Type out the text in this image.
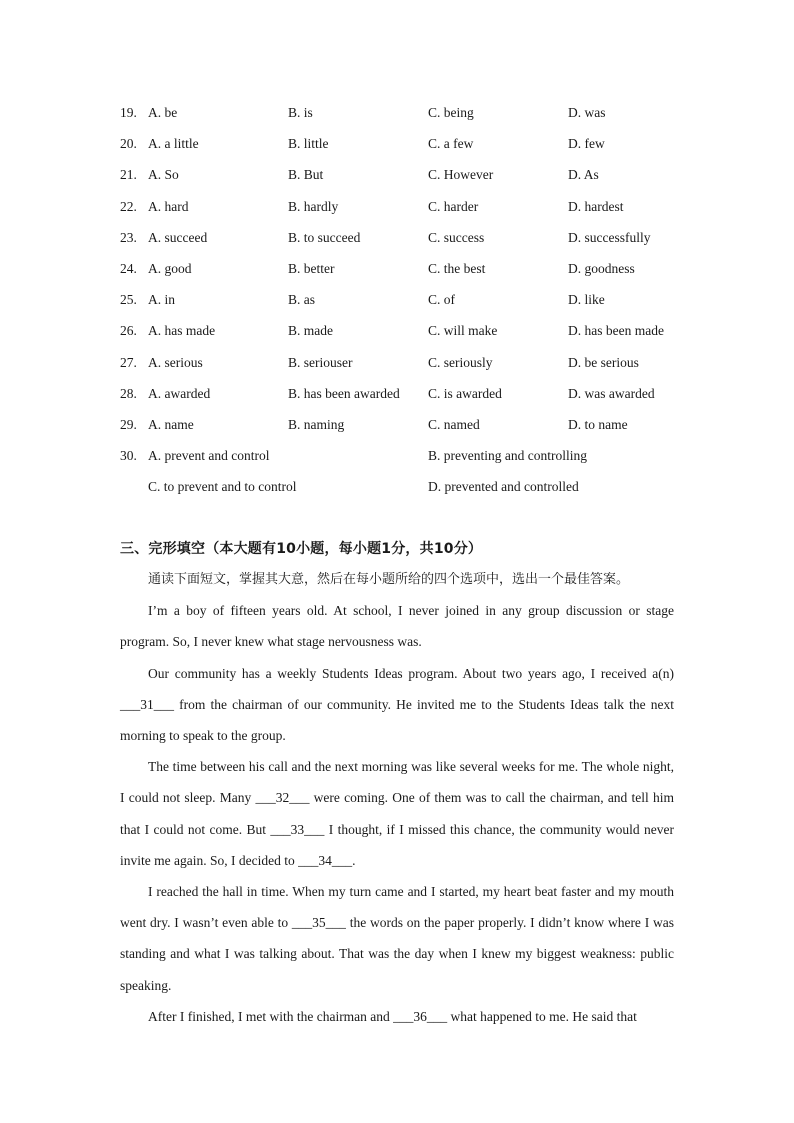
19. A. be	B. is	C. being	D. was
20. A. a little	B. little	C. a few	D. few
21. A. So	B. But	C. However	D. As
22. A. hard	B. hardly	C. harder	D. hardest
23. A. succeed	B. to succeed	C. success	D. successfully
24. A. good	B. better	C. the best	D. goodness
25. A. in	B. as	C. of	D. like
26. A. has made	B. made	C. will make	D. has been made
27. A. serious	B. seriouser	C. seriously	D. be serious
28. A. awarded	B. has been awarded C. is awarded	D. was awarded
29. A. name	B. naming	C. named	D. to name
30. A. prevent and control	B. preventing and controlling
C. to prevent and to control	D. prevented and controlled
三、完形填空（本大题有10小题，每小题1分，共10分）

通读下面短文，掌握其大意，然后在每小题所给的四个选项中，选出一个最佳答案。

I’m a boy of fifteen years old. At school, I never joined in any group discussion or stage program. So, I never knew what stage nervousness was.

Our community has a weekly Students Ideas program. About two years ago, I received a(n) ___31___ from the chairman of our community. He invited me to the Students Ideas talk the next morning to speak to the group.

The time between his call and the next morning was like several weeks for me. The whole night, I could not sleep. Many ___32___ were coming. One of them was to call the chairman, and tell him that I could not come. But ___33___ I thought, if I missed this chance, the community would never invite me again. So, I decided to ___34___.

I reached the hall in time. When my turn came and I started, my heart beat faster and my mouth went dry. I wasn’t even able to ___35___ the words on the paper properly. I didn’t know where I was standing and what I was talking about. That was the day when I knew my biggest weakness: public speaking.

After I finished, I met with the chairman and ___36___ what happened to me. He said that
